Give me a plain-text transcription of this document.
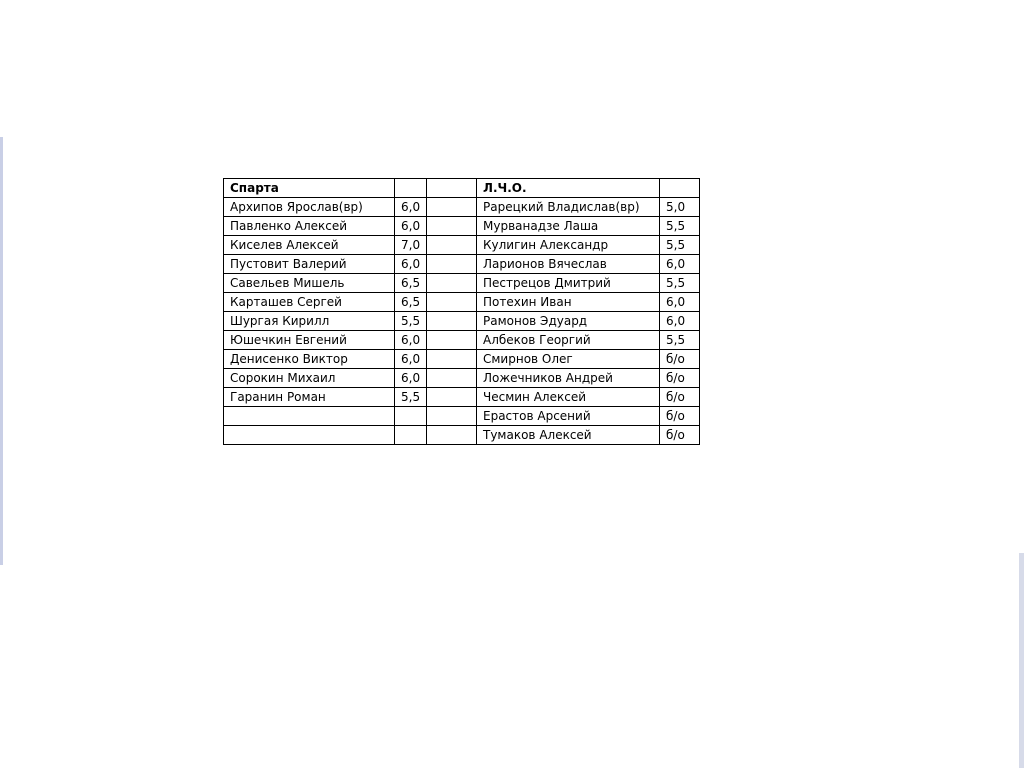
Спарта			Л.Ч.О.	
Архипов Ярослав(вр)	6,0		Рарецкий Владислав(вр)	5,0
Павленко Алексей	6,0		Мурванадзе Лаша	5,5
Киселев Алексей	7,0		Кулигин Александр	5,5
Пустовит Валерий	6,0		Ларионов Вячеслав	6,0
Савельев Мишель	6,5		Пестрецов Дмитрий	5,5
Карташев Сергей	6,5		Потехин Иван	6,0
Шургая Кирилл	5,5		Рамонов Эдуард	6,0
Юшечкин Евгений	6,0		Албеков Георгий	5,5
Денисенко Виктор	6,0		Смирнов Олег	б/о
Сорокин Михаил	6,0		Ложечников Андрей	б/о
Гаранин Роман	5,5		Чесмин Алексей	б/о
			Ерастов Арсений	б/о
			Тумаков Алексей	б/о
